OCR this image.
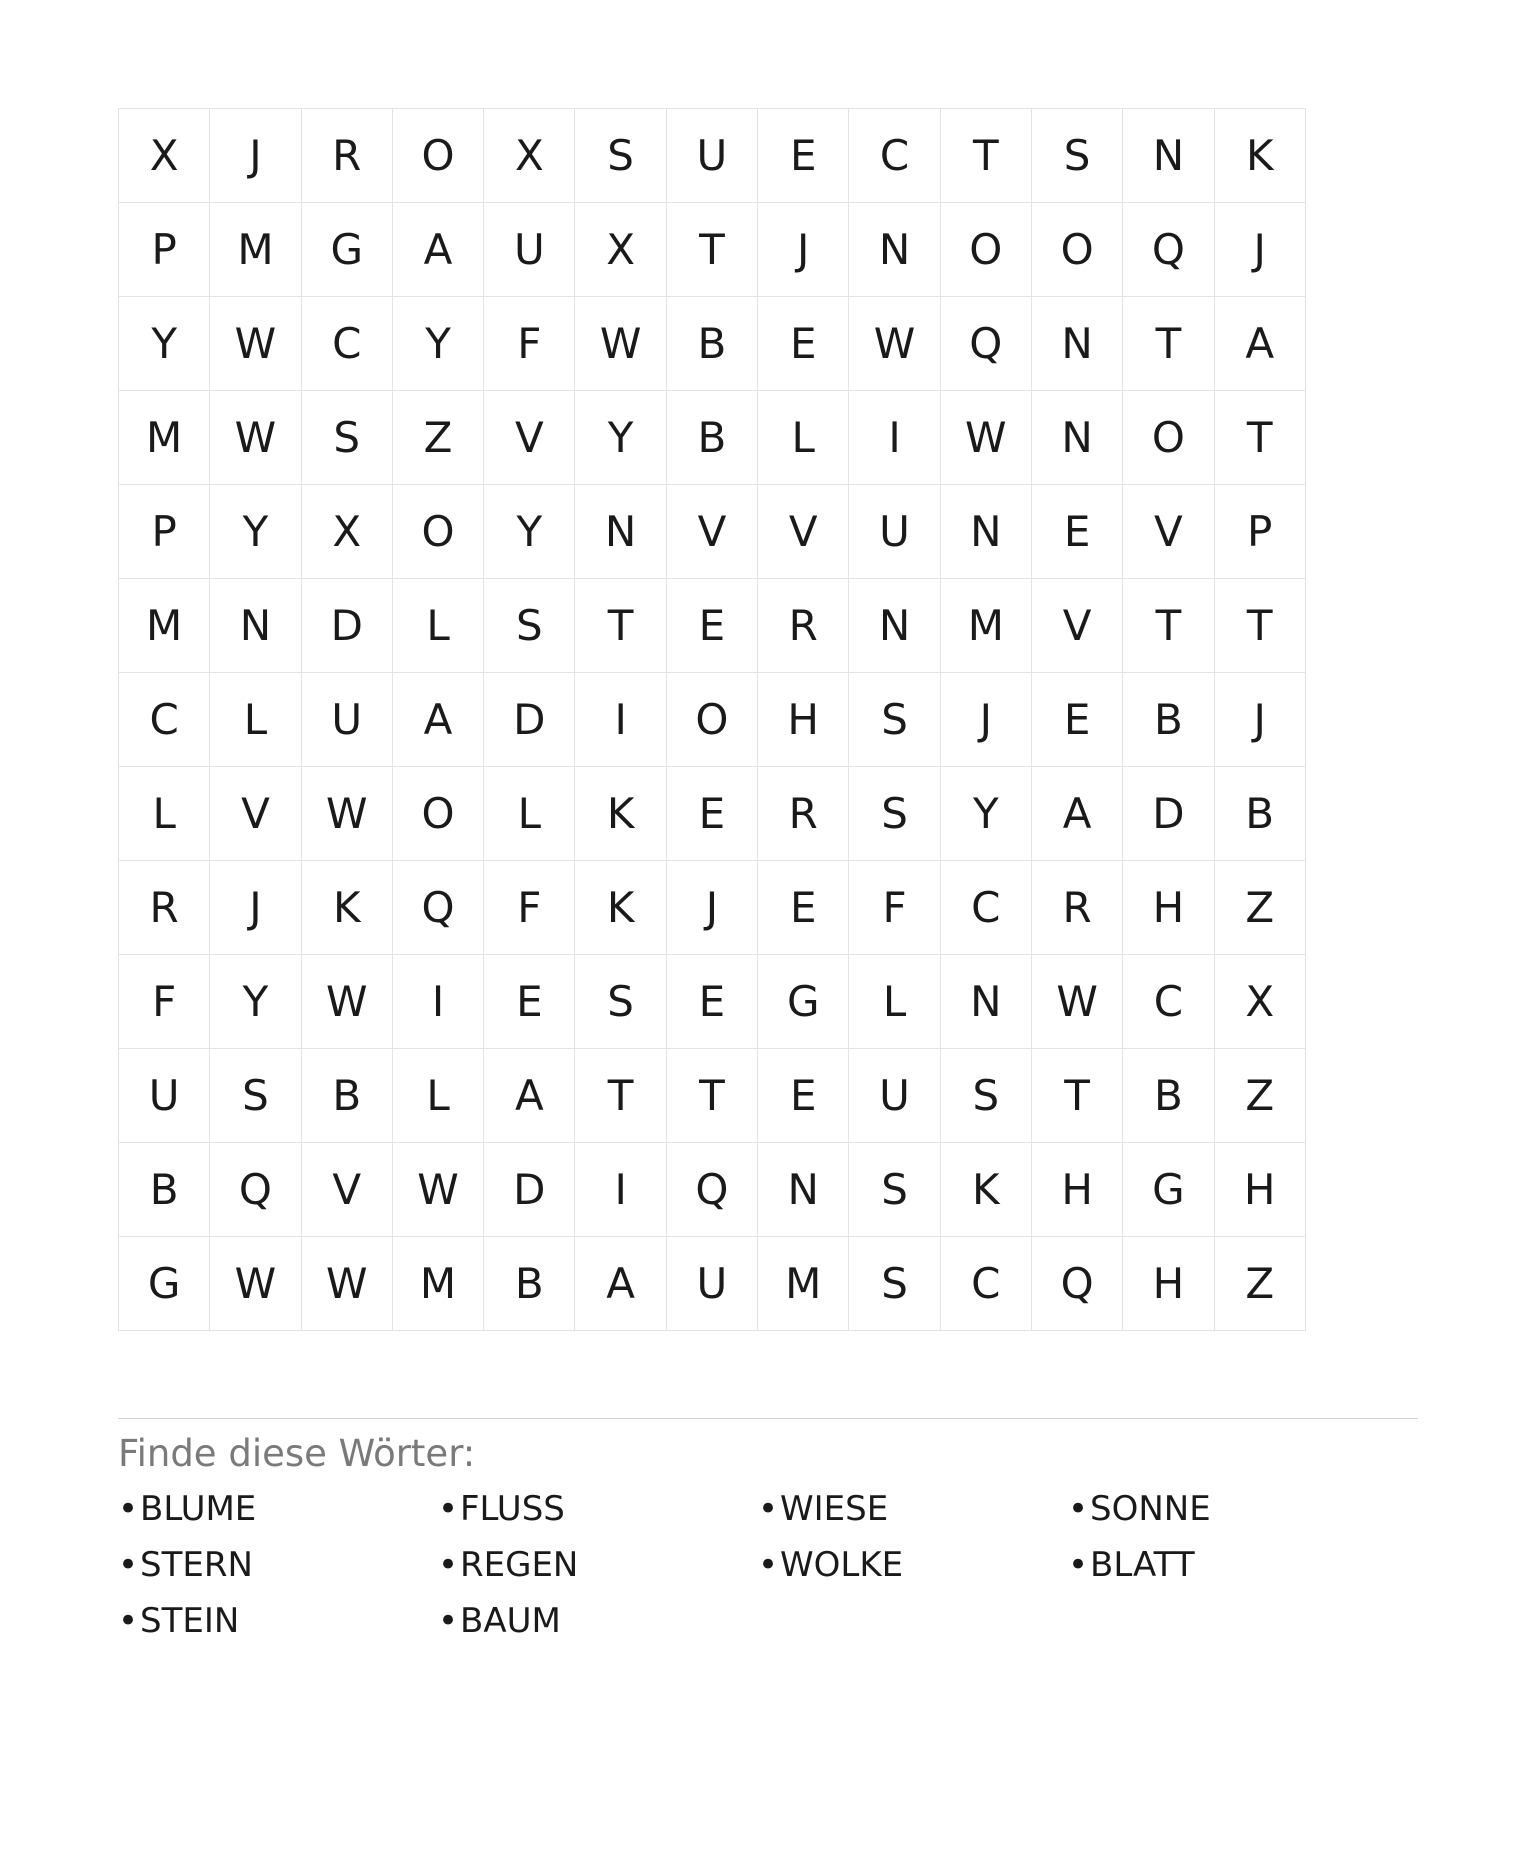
X	J	R	O	X	S	U	E	C	T	S	N	K
P	M	G	A	U	X	T	J	N	O	O	Q	J
Y	W	C	Y	F	W	B	E	W	Q	N	T	A
M	W	S	Z	V	Y	B	L	I	W	N	O	T
P	Y	X	O	Y	N	V	V	U	N	E	V	P
M	N	D	L	S	T	E	R	N	M	V	T	T
C	L	U	A	D	I	O	H	S	J	E	B	J
L	V	W	O	L	K	E	R	S	Y	A	D	B
R	J	K	Q	F	K	J	E	F	C	R	H	Z
F	Y	W	I	E	S	E	G	L	N	W	C	X
U	S	B	L	A	T	T	E	U	S	T	B	Z
B	Q	V	W	D	I	Q	N	S	K	H	G	H
G	W	W	M	B	A	U	M	S	C	Q	H	Z
Finde diese Wörter:
•BLUME
•STERN
•STEIN
•FLUSS
•REGEN
•BAUM
•WIESE
•WOLKE
•SONNE
•BLATT
